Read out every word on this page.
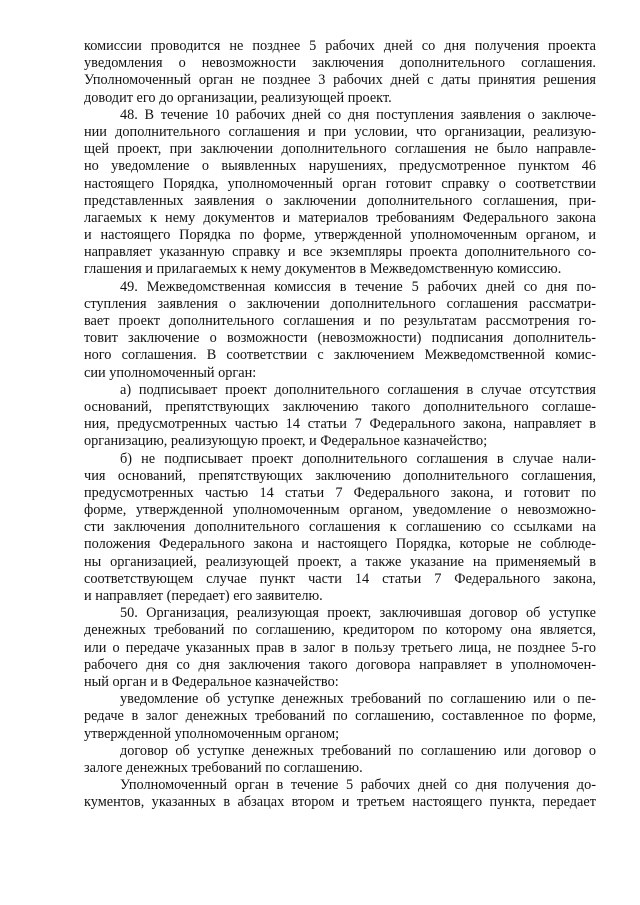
комиссии проводится не позднее 5 рабочих дней со дня получения проекта
уведомления о невозможности заключения дополнительного соглашения.
Уполномоченный орган не позднее 3 рабочих дней с даты принятия решения
доводит его до организации, реализующей проект.
48. В течение 10 рабочих дней со дня поступления заявления о заключе-
нии дополнительного соглашения и при условии, что организации, реализую-
щей проект, при заключении дополнительного соглашения не было направле-
но уведомление о выявленных нарушениях, предусмотренное пунктом 46
настоящего Порядка, уполномоченный орган готовит справку о соответствии
представленных заявления о заключении дополнительного соглашения, при-
лагаемых к нему документов и материалов требованиям Федерального закона
и настоящего Порядка по форме, утвержденной уполномоченным органом, и
направляет указанную справку и все экземпляры проекта дополнительного со-
глашения и прилагаемых к нему документов в Межведомственную комиссию.
49. Межведомственная комиссия в течение 5 рабочих дней со дня по-
ступления заявления о заключении дополнительного соглашения рассматри-
вает проект дополнительного соглашения и по результатам рассмотрения го-
товит заключение о возможности (невозможности) подписания дополнитель-
ного соглашения. В соответствии с заключением Межведомственной комис-
сии уполномоченный орган:
а) подписывает проект дополнительного соглашения в случае отсутствия
оснований, препятствующих заключению такого дополнительного соглаше-
ния, предусмотренных частью 14 статьи 7 Федерального закона, направляет в
организацию, реализующую проект, и Федеральное казначейство;
б) не подписывает проект дополнительного соглашения в случае нали-
чия оснований, препятствующих заключению дополнительного соглашения,
предусмотренных частью 14 статьи 7 Федерального закона, и готовит по
форме, утвержденной уполномоченным органом, уведомление о невозможно-
сти заключения дополнительного соглашения к соглашению со ссылками на
положения Федерального закона и настоящего Порядка, которые не соблюде-
ны организацией, реализующей проект, а также указание на применяемый в
соответствующем случае пункт части 14 статьи 7 Федерального закона,
и направляет (передает) его заявителю.
50. Организация, реализующая проект, заключившая договор об уступке
денежных требований по соглашению, кредитором по которому она является,
или о передаче указанных прав в залог в пользу третьего лица, не позднее 5-го
рабочего дня со дня заключения такого договора направляет в уполномочен-
ный орган и в Федеральное казначейство:
уведомление об уступке денежных требований по соглашению или о пе-
редаче в залог денежных требований по соглашению, составленное по форме,
утвержденной уполномоченным органом;
договор об уступке денежных требований по соглашению или договор о
залоге денежных требований по соглашению.
Уполномоченный орган в течение 5 рабочих дней со дня получения до-
кументов, указанных в абзацах втором и третьем настоящего пункта, передает
